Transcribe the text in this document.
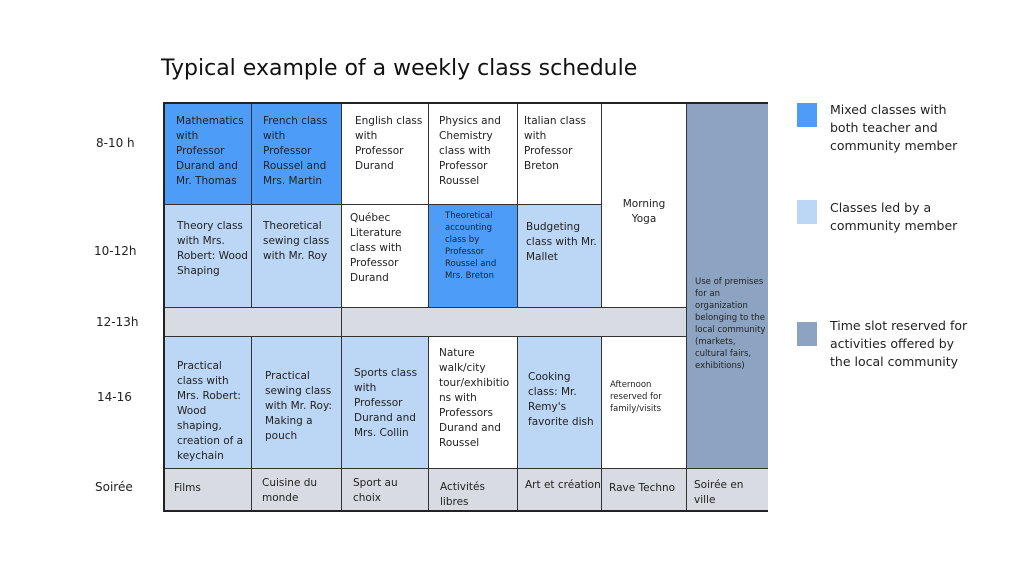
Typical example of a weekly class schedule
8-10 h
10-12h
12-13h
14-16
Soirée
Mathematics
with
Professor
Durand and
Mr. Thomas
French class
with
Professor
Roussel and
Mrs. Martin
English class
with
Professor
Durand
Physics and
Chemistry
class with
Professor
Roussel
Italian class
with
Professor
Breton
Morning
Yoga
Use of premises
for an
organization
belonging to the
local community
(markets,
cultural fairs,
exhibitions)
Theory class
with Mrs.
Robert: Wood
Shaping
Theoretical
sewing class
with Mr. Roy
Québec
Literature
class with
Professor
Durand
Theoretical
accounting
class by
Professor
Roussel and
Mrs. Breton
Budgeting
class with Mr.
Mallet
Practical
class with
Mrs. Robert:
Wood
shaping,
creation of a
keychain
Practical
sewing class
with Mr. Roy:
Making a
pouch
Sports class
with
Professor
Durand and
Mrs. Collin
Nature
walk/city
tour/exhibitio
ns with
Professors
Durand and
Roussel
Cooking
class: Mr.
Remy's
favorite dish
Afternoon
reserved for
family/visits
Films	Cuisine du
monde
Sport au
choix
Activités
libres
Art et création Rave Techno	Soirée en ville
Mixed classes with
both teacher and
community member
Classes led by a
community member
Time slot reserved for
activities offered by
the local community
